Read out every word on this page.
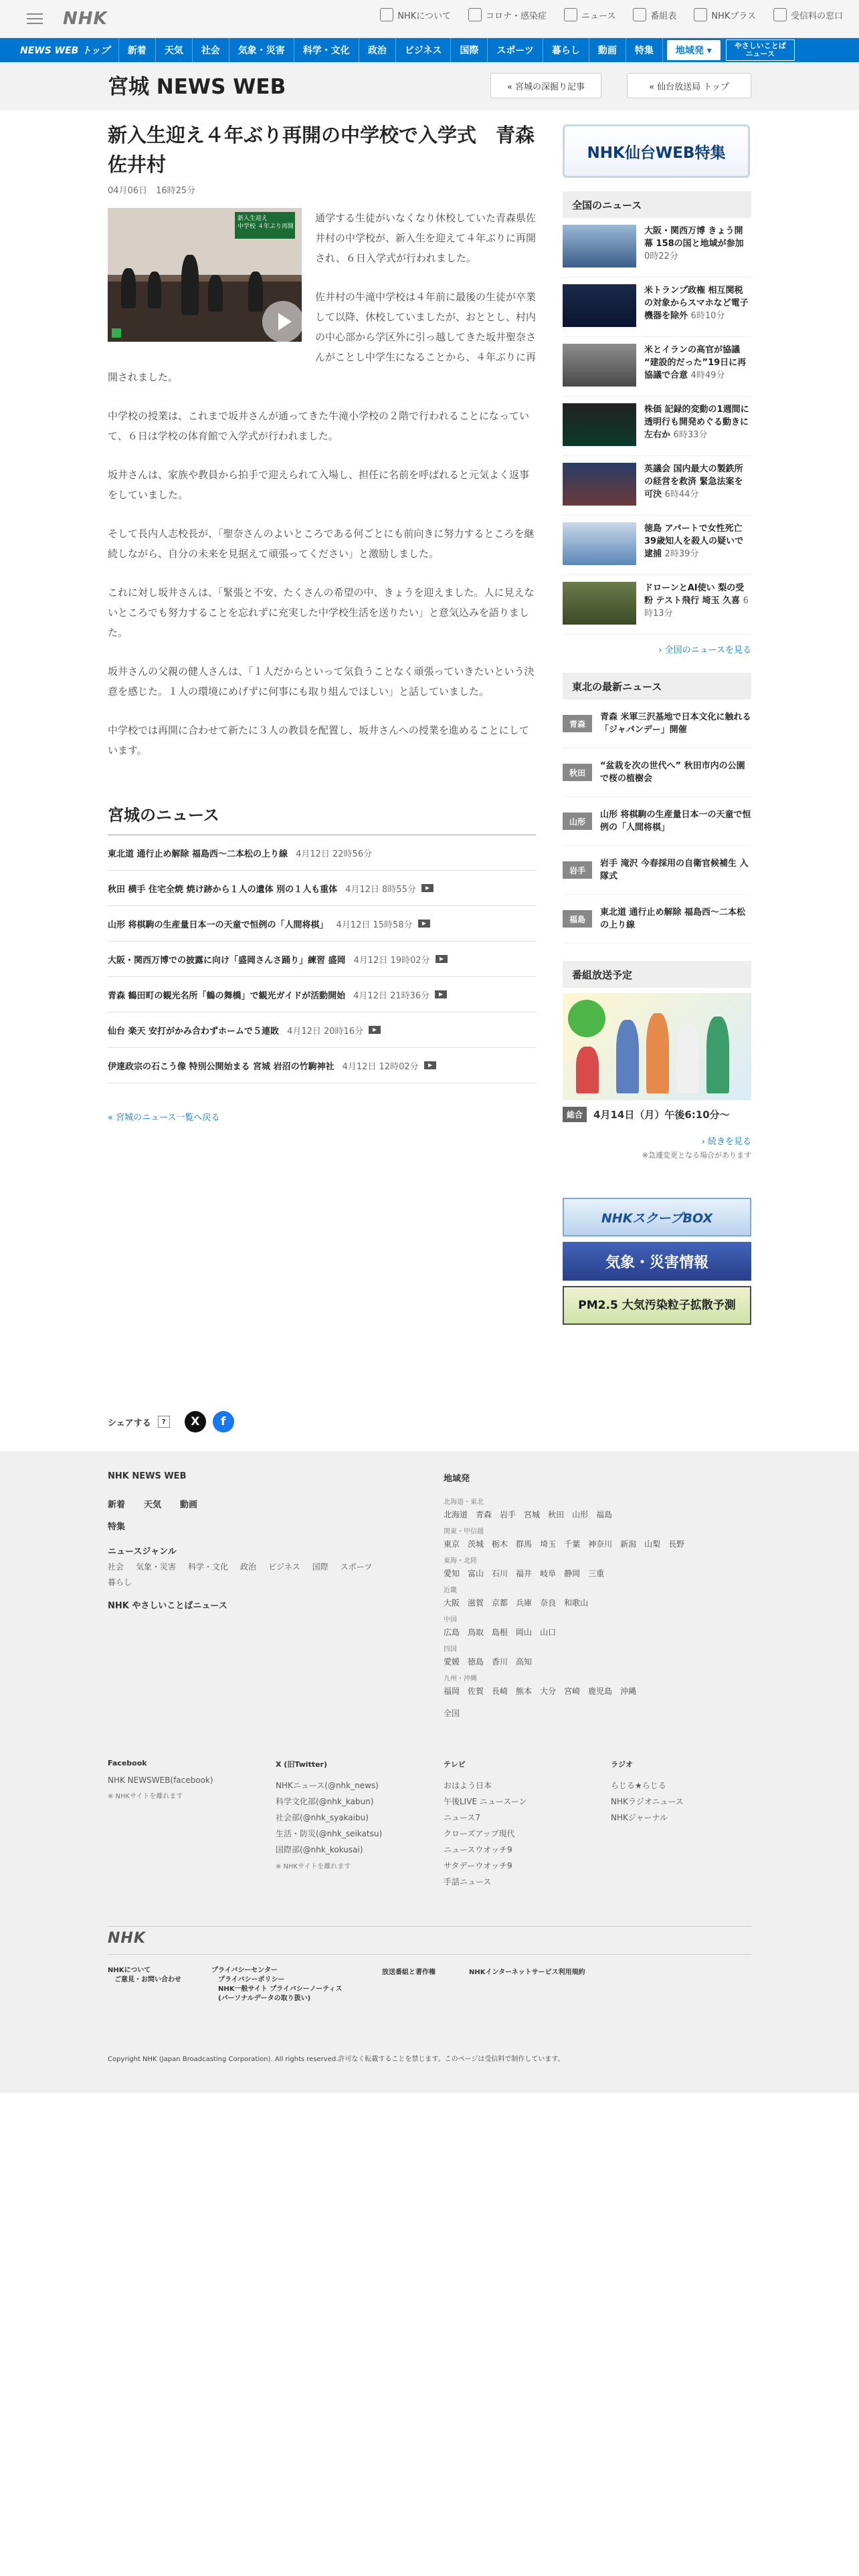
NHK	NHKについて	コロナ・感染症	ニュース	番組表	NHKプラス	受信料の窓口
NEWS WEB トップ	新着	天気	社会	気象・災害	科学・文化	政治	ビジネス	国際	スポーツ	暮らし	動画	特集	地域発 ▾	やさしいことば
ニュース
宮城 NEWS WEB	« 宮城の深掘り記事	« 仙台放送局 トップ
新入生迎え４年ぶり再開の中学校で入学式　青森 佐井村
04月06日　16時25分
新入生迎え
中学校 ４年ぶり再開

通学する生徒がいなくなり休校していた青森県佐井村の中学校が、新入生を迎えて４年ぶりに再開され、６日入学式が行われました。

佐井村の牛滝中学校は４年前に最後の生徒が卒業して以降、休校していましたが、おととし、村内の中心部から学区外に引っ越してきた坂井聖奈さんがことし中学生になることから、４年ぶりに再開されました。

中学校の授業は、これまで坂井さんが通ってきた牛滝小学校の２階で行われることになっていて、６日は学校の体育館で入学式が行われました。

坂井さんは、家族や教員から拍手で迎えられて入場し、担任に名前を呼ばれると元気よく返事をしていました。

そして長内人志校長が、「聖奈さんのよいところである何ごとにも前向きに努力するところを継続しながら、自分の未来を見据えて頑張ってください」と激励しました。

これに対し坂井さんは、「緊張と不安、たくさんの希望の中、きょうを迎えました。人に見えないところでも努力することを忘れずに充実した中学校生活を送りたい」と意気込みを語りました。

坂井さんの父親の健人さんは、「１人だからといって気負うことなく頑張っていきたいという決意を感じた。１人の環境にめげずに何事にも取り組んでほしい」と話していました。

中学校では再開に合わせて新たに３人の教員を配置し、坂井さんへの授業を進めることにしています。

宮城のニュース
東北道 通行止め解除 福島西～二本松の上り線 4月12日 22時56分
秋田 横手 住宅全焼 焼け跡から１人の遺体 別の１人も重体 4月12日 8時55分
山形 将棋駒の生産量日本一の天童で恒例の「人間将棋」 4月12日 15時58分
大阪・関西万博での披露に向け「盛岡さんさ踊り」練習 盛岡 4月12日 19時02分
青森 鶴田町の観光名所「鶴の舞橋」で観光ガイドが活動開始 4月12日 21時36分
仙台 楽天 安打がかみ合わずホームで５連敗 4月12日 20時16分
伊達政宗の石こう像 特別公開始まる 宮城 岩沼の竹駒神社 4月12日 12時02分
« 宮城のニュース一覧へ戻る
NHK仙台WEB特集
全国のニュース
大阪・関西万博 きょう開幕 158の国と地域が参加 0時22分
米トランプ政権 相互関税の対象からスマホなど電子機器を除外 6時10分
米とイランの高官が協議 “建設的だった”19日に再協議で合意 4時49分
株価 記録的変動の1週間に 透明行も開発めぐる動きに左右か 6時33分
英議会 国内最大の製鉄所の経営を救済 緊急法案を可決 6時44分
徳島 アパートで女性死亡 39歳知人を殺人の疑いで逮捕 2時39分
ドローンとAI使い 梨の受粉 テスト飛行 埼玉 久喜 6時13分
› 全国のニュースを見る
東北の最新ニュース
青森
青森 米軍三沢基地で日本文化に触れる「ジャパンデー」開催
秋田
“盆栽を次の世代へ” 秋田市内の公園で桜の植樹会
山形
山形 将棋駒の生産量日本一の天童で恒例の「人間将棋」
岩手
岩手 滝沢 今春採用の自衛官候補生 入隊式
福島
東北道 通行止め解除 福島西～二本松の上り線
番組放送予定
総合	4月14日（月）午後6:10分～
› 続きを見る
※急遽変更となる場合があります
NHKスクープBOX
気象・災害情報
PM2.5 大気汚染粒子拡散予測
シェアする	?	X	f
NHK NEWS WEB
新着 天気 動画
特集
ニュースジャンル
社会 気象・災害 科学・文化 政治 ビジネス 国際 スポーツ
暮らし
NHK やさしいことばニュース
地域発
北海道・東北
北海道 青森 岩手 宮城 秋田 山形 福島
関東・甲信越
東京 茨城 栃木 群馬 埼玉 千葉 神奈川 新潟 山梨 長野
東海・北陸
愛知 富山 石川 福井 岐阜 静岡 三重
近畿
大阪 滋賀 京都 兵庫 奈良 和歌山
中国
広島 鳥取 島根 岡山 山口
四国
愛媛 徳島 香川 高知
九州・沖縄
福岡 佐賀 長崎 熊本 大分 宮崎 鹿児島 沖縄
全国
Facebook
NHK NEWSWEB(facebook)
※ NHKサイトを離れます
X (旧Twitter)
NHKニュース(@nhk_news)
科学文化部(@nhk_kabun)
社会部(@nhk_syakaibu)
生活・防災(@nhk_seikatsu)
国際部(@nhk_kokusai)
※ NHKサイトを離れます
テレビ
おはよう日本
午後LIVE ニュースーン
ニュース7
クローズアップ現代
ニュースウオッチ9
サタデーウオッチ9
手話ニュース
ラジオ
らじる★らじる
NHKラジオニュース
NHKジャーナル
NHK
NHKについて
ご意見・お問い合わせ
プライバシーセンター
プライバシーポリシー
NHK一般サイト プライバシーノーティス (パーソナルデータの取り扱い)
放送番組と著作権	NHKインターネットサービス利用規約
Copyright NHK (Japan Broadcasting Corporation). All rights reserved.許可なく転載することを禁じます。このページは受信料で制作しています。
